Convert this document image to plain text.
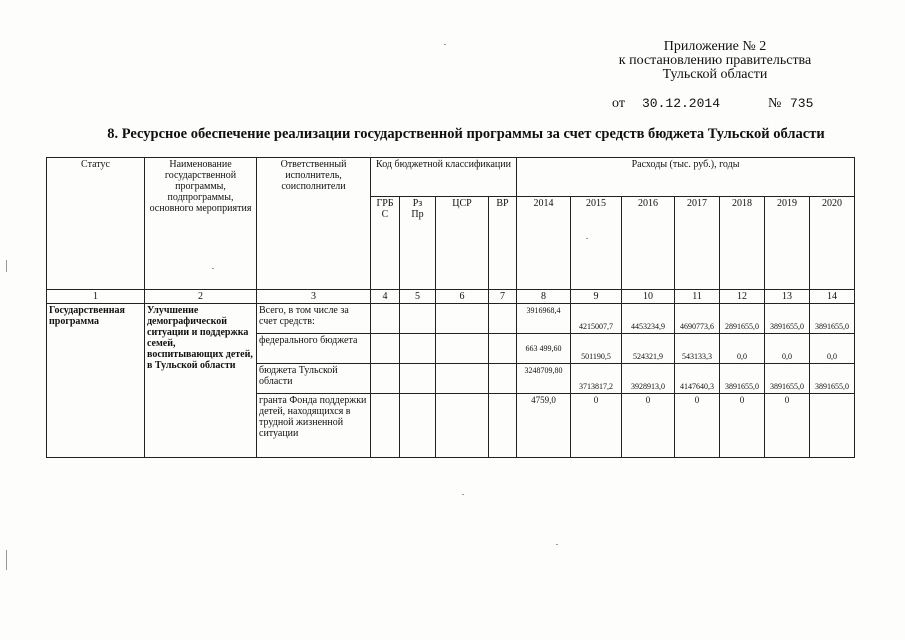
Приложение № 2
к постановлению правительства
Тульской области
от 30.12.2014	№ 735
8. Ресурсное обеспечение реализации государственной программы за счет средств бюджета Тульской области
Статус	Наименование государственной программы, подпрограммы, основного мероприятия	Ответственный исполнитель, соисполнители	Код бюджетной классификации				Расходы (тыс. руб.), годы						
			ГРБ С	Рз Пр	ЦСР	ВР	2014	2015	2016	2017	2018	2019	2020
1	2	3	4	5	6	7	8	9	10	11	12	13	14
Государственная программа	Улучшение демографической ситуации и поддержка семей, воспитывающих детей, в Тульской области	Всего, в том числе за счет средств:					3916968,4	4215007,7	4453234,9	4690773,6	2891655,0	3891655,0	3891655,0
		федерального бюджета					663 499,60	501190,5	524321,9	543133,3	0,0	0,0	0,0
		бюджета Тульской области					3248709,80	3713817,2	3928913,0	4147640,3	3891655,0	3891655,0	3891655,0
		гранта Фонда поддержки детей, находящихся в трудной жизненной ситуации					4759,0	0	0	0	0	0	
